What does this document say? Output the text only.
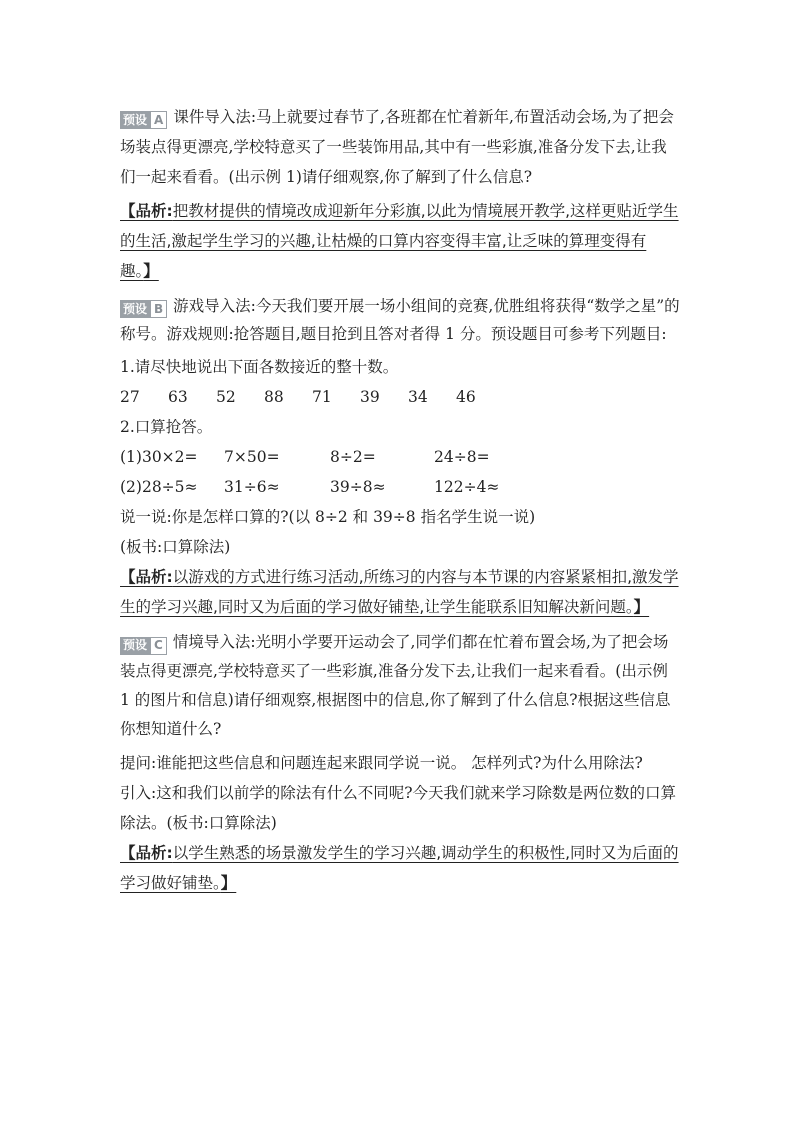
预设 A 课件导入法:马上就要过春节了,各班都在忙着新年,布置活动会场,为了把会场装点得更漂亮,学校特意买了一些装饰用品,其中有一些彩旗,准备分发下去,让我们一起来看看。(出示例 1)请仔细观察,你了解到了什么信息?

【品析:把教材提供的情境改成迎新年分彩旗,以此为情境展开教学,这样更贴近学生的生活,激起学生学习的兴趣,让枯燥的口算内容变得丰富,让乏味的算理变得有趣。】

预设 B 游戏导入法:今天我们要开展一场小组间的竞赛,优胜组将获得“数学之星”的称号。游戏规则:抢答题目,题目抢到且答对者得 1 分。预设题目可参考下列题目:

1.请尽快地说出下面各数接近的整十数。

27	63	52	88	71	39	34	46

2.口算抢答。

(1)30×2=	7×50=	8÷2=	24÷8=
(2)28÷5≈	31÷6≈	39÷8≈	122÷4≈

说一说:你是怎样口算的?(以 8÷2 和 39÷8 指名学生说一说)

(板书:口算除法)

【品析:以游戏的方式进行练习活动,所练习的内容与本节课的内容紧紧相扣,激发学生的学习兴趣,同时又为后面的学习做好铺垫,让学生能联系旧知解决新问题。】

预设 C 情境导入法:光明小学要开运动会了,同学们都在忙着布置会场,为了把会场装点得更漂亮,学校特意买了一些彩旗,准备分发下去,让我们一起来看看。(出示例 1 的图片和信息)请仔细观察,根据图中的信息,你了解到了什么信息?根据这些信息你想知道什么?

提问:谁能把这些信息和问题连起来跟同学说一说。 怎样列式?为什么用除法?

引入:这和我们以前学的除法有什么不同呢?今天我们就来学习除数是两位数的口算除法。(板书:口算除法)

【品析:以学生熟悉的场景激发学生的学习兴趣,调动学生的积极性,同时又为后面的学习做好铺垫。】
